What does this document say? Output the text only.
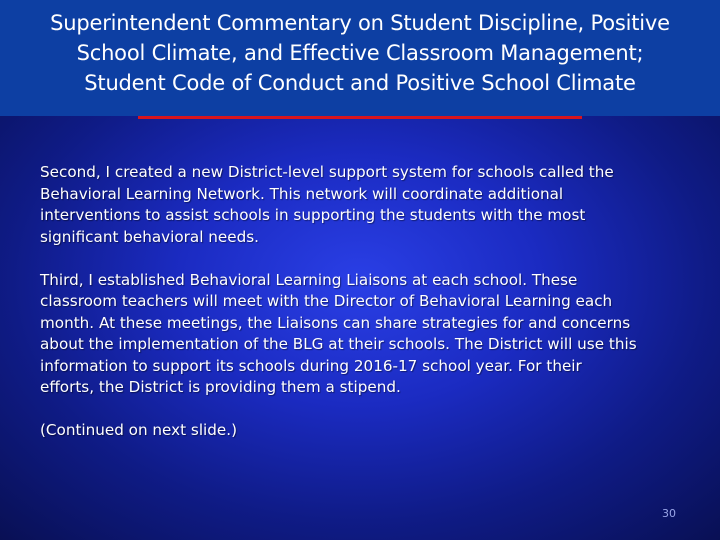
Superintendent Commentary on Student Discipline, Positive
School Climate, and Effective Classroom Management;
Student Code of Conduct and Positive School Climate
Second, I created a new District-level support system for schools called the
Behavioral Learning Network. This network will coordinate additional
interventions to assist schools in supporting the students with the most
significant behavioral needs.
Third, I established Behavioral Learning Liaisons at each school. These
classroom teachers will meet with the Director of Behavioral Learning each
month. At these meetings, the Liaisons can share strategies for and concerns
about the implementation of the BLG at their schools. The District will use this
information to support its schools during 2016-17 school year. For their
efforts, the District is providing them a stipend.
(Continued on next slide.)
30
